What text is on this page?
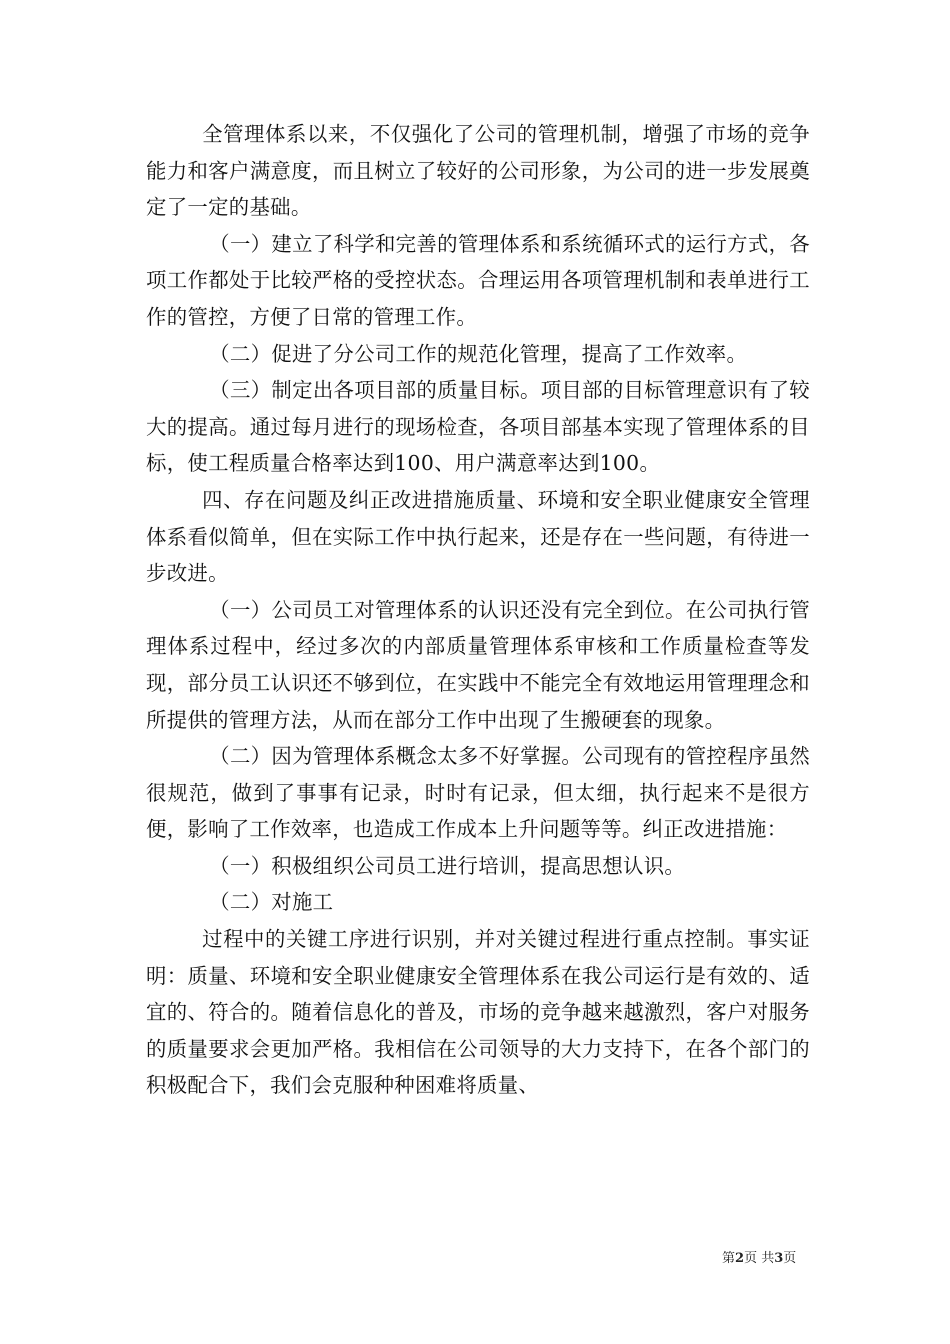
全管理体系以来，不仅强化了公司的管理机制，增强了市场的竞争能力和客户满意度，而且树立了较好的公司形象，为公司的进一步发展奠定了一定的基础。

（一）建立了科学和完善的管理体系和系统循环式的运行方式，各项工作都处于比较严格的受控状态。合理运用各项管理机制和表单进行工作的管控，方便了日常的管理工作。

（二）促进了分公司工作的规范化管理，提高了工作效率。

（三）制定出各项目部的质量目标。项目部的目标管理意识有了较大的提高。通过每月进行的现场检查，各项目部基本实现了管理体系的目标，使工程质量合格率达到100、用户满意率达到100。

四、存在问题及纠正改进措施质量、环境和安全职业健康安全管理体系看似简单，但在实际工作中执行起来，还是存在一些问题，有待进一步改进。

（一）公司员工对管理体系的认识还没有完全到位。在公司执行管理体系过程中，经过多次的内部质量管理体系审核和工作质量检查等发现，部分员工认识还不够到位，在实践中不能完全有效地运用管理理念和所提供的管理方法，从而在部分工作中出现了生搬硬套的现象。

（二）因为管理体系概念太多不好掌握。公司现有的管控程序虽然很规范，做到了事事有记录，时时有记录，但太细，执行起来不是很方便，影响了工作效率，也造成工作成本上升问题等等。纠正改进措施：

（一）积极组织公司员工进行培训，提高思想认识。

（二）对施工

过程中的关键工序进行识别，并对关键过程进行重点控制。事实证明：质量、环境和安全职业健康安全管理体系在我公司运行是有效的、适宜的、符合的。随着信息化的普及，市场的竞争越来越激烈，客户对服务的质量要求会更加严格。我相信在公司领导的大力支持下，在各个部门的积极配合下，我们会克服种种困难将质量、

第2页 共3页
